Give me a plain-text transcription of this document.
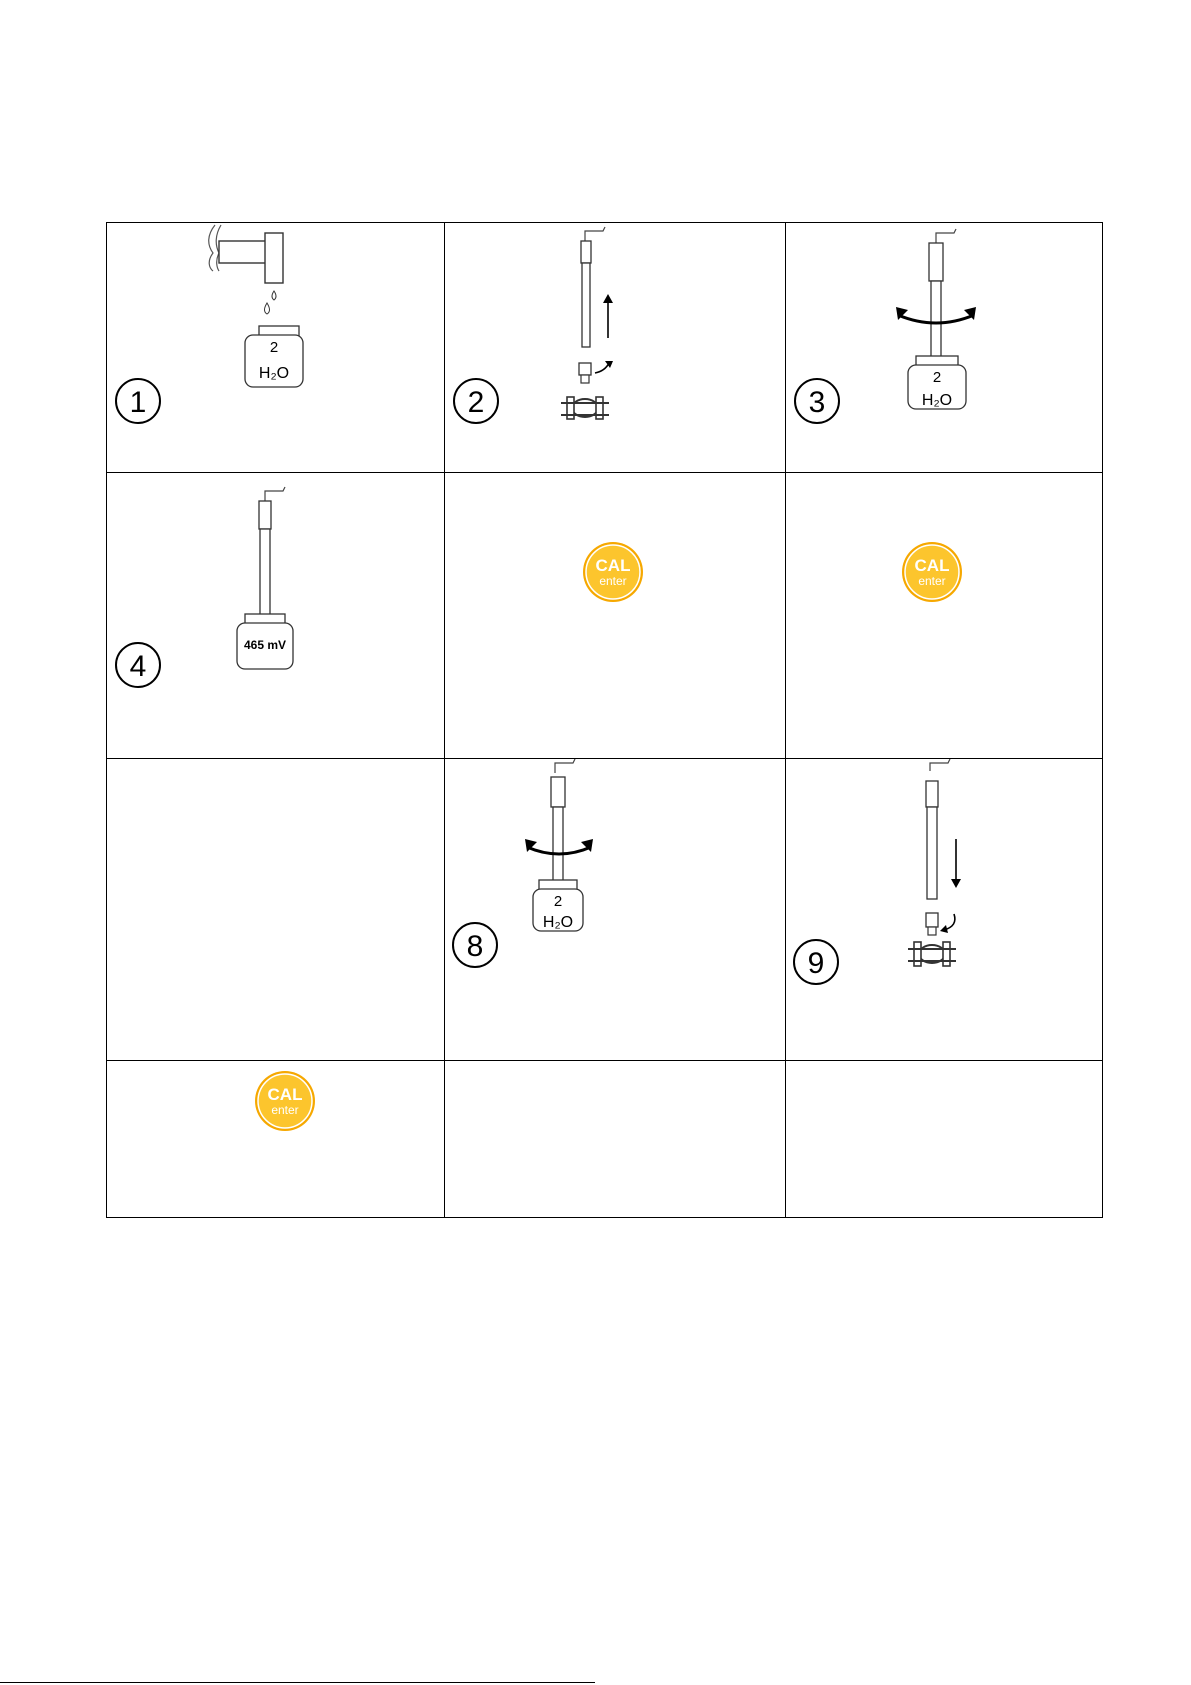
2
H₂O
1	2
2
H₂O
3
465 mV
4
CAL
enter
CAL
enter
2
H₂O
8
9
CAL
enter
